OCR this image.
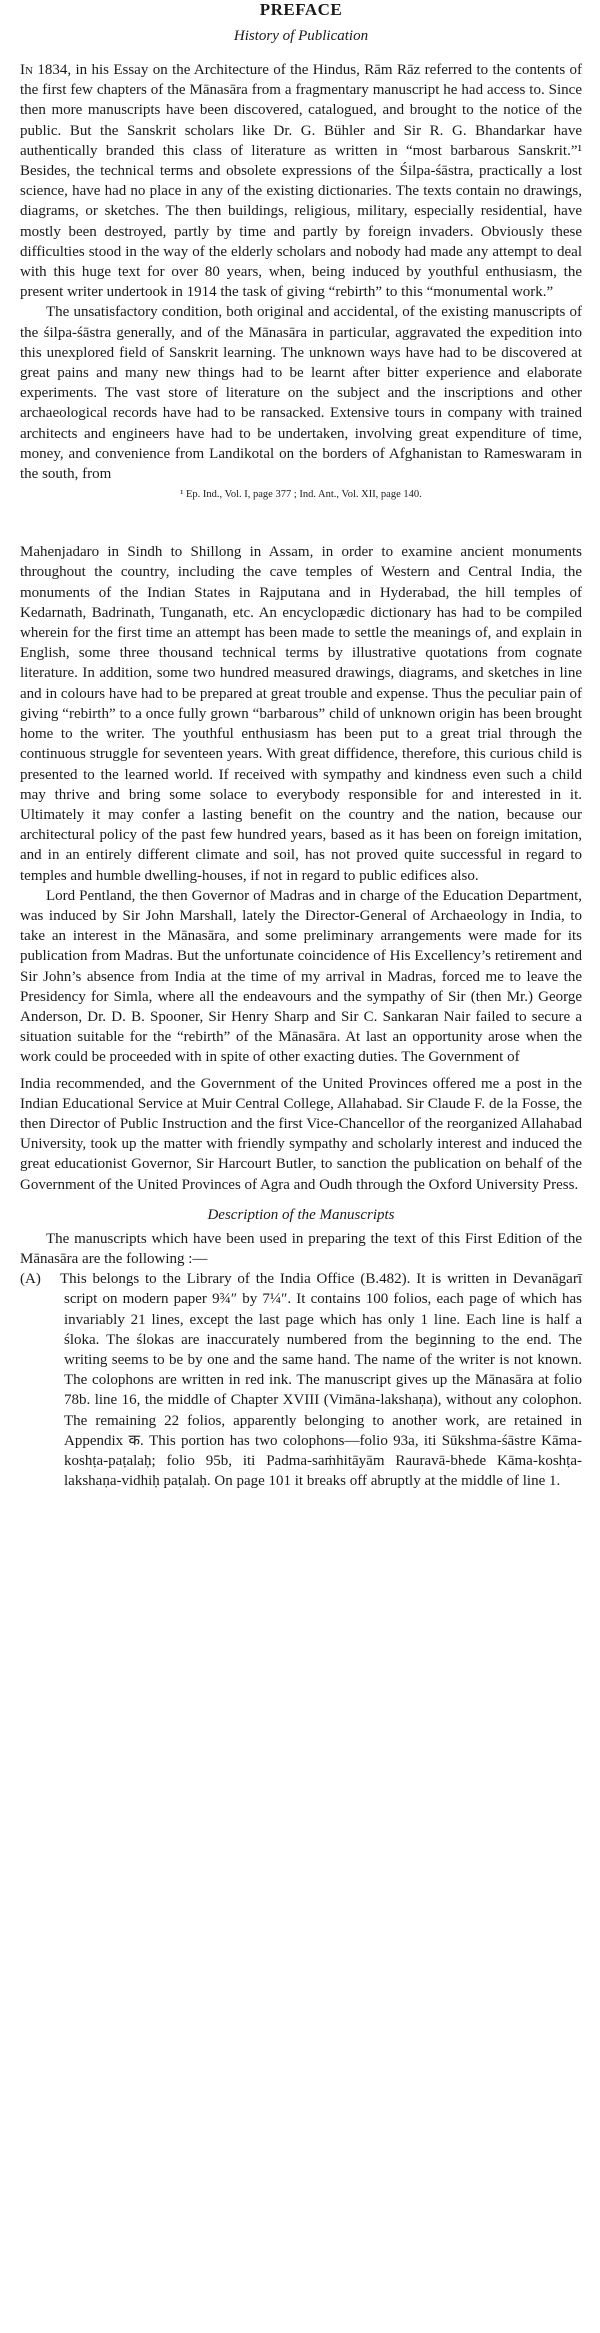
PREFACE

History of Publication

In 1834, in his Essay on the Architecture of the Hindus, Rām Rāz referred to the contents of the first few chapters of the Mānasāra from a fragmentary manuscript he had access to. Since then more manuscripts have been discovered, catalogued, and brought to the notice of the public. But the Sanskrit scholars like Dr. G. Bühler and Sir R. G. Bhandarkar have authentically branded this class of literature as written in “most barbarous Sanskrit.”¹ Besides, the technical terms and obsolete expressions of the Śilpa-śāstra, practically a lost science, have had no place in any of the existing dictionaries. The texts contain no drawings, diagrams, or sketches. The then buildings, religious, military, especially residential, have mostly been destroyed, partly by time and partly by foreign invaders. Obviously these difficulties stood in the way of the elderly scholars and nobody had made any attempt to deal with this huge text for over 80 years, when, being induced by youthful enthusiasm, the present writer undertook in 1914 the task of giving “rebirth” to this “monumental work.”

The unsatisfactory condition, both original and accidental, of the existing manuscripts of the śilpa-śāstra generally, and of the Mānasāra in particular, aggravated the expedition into this unexplored field of Sanskrit learning. The unknown ways have had to be discovered at great pains and many new things had to be learnt after bitter experience and elaborate experiments. The vast store of literature on the subject and the inscriptions and other archaeological records have had to be ransacked. Extensive tours in company with trained architects and engineers have had to be undertaken, involving great expenditure of time, money, and convenience from Landikotal on the borders of Afghanistan to Rameswaram in the south, from

¹ Ep. Ind., Vol. I, page 377 ; Ind. Ant., Vol. XII, page 140.

Mahenjadaro in Sindh to Shillong in Assam, in order to examine ancient monuments throughout the country, including the cave temples of Western and Central India, the monuments of the Indian States in Rajputana and in Hyderabad, the hill temples of Kedarnath, Badrinath, Tunganath, etc. An encyclopædic dictionary has had to be compiled wherein for the first time an attempt has been made to settle the meanings of, and explain in English, some three thousand technical terms by illustrative quotations from cognate literature. In addition, some two hundred measured drawings, diagrams, and sketches in line and in colours have had to be prepared at great trouble and expense. Thus the peculiar pain of giving “rebirth” to a once fully grown “barbarous” child of unknown origin has been brought home to the writer. The youthful enthusiasm has been put to a great trial through the continuous struggle for seventeen years. With great diffidence, therefore, this curious child is presented to the learned world. If received with sympathy and kindness even such a child may thrive and bring some solace to everybody responsible for and interested in it. Ultimately it may confer a lasting benefit on the country and the nation, because our architectural policy of the past few hundred years, based as it has been on foreign imitation, and in an entirely different climate and soil, has not proved quite successful in regard to temples and humble dwelling-houses, if not in regard to public edifices also.

Lord Pentland, the then Governor of Madras and in charge of the Education Department, was induced by Sir John Marshall, lately the Director-General of Archaeology in India, to take an interest in the Mānasāra, and some preliminary arrangements were made for its publication from Madras. But the unfortunate coincidence of His Excellency’s retirement and Sir John’s absence from India at the time of my arrival in Madras, forced me to leave the Presidency for Simla, where all the endeavours and the sympathy of Sir (then Mr.) George Anderson, Dr. D. B. Spooner, Sir Henry Sharp and Sir C. Sankaran Nair failed to secure a situation suitable for the “rebirth” of the Mānasāra. At last an opportunity arose when the work could be proceeded with in spite of other exacting duties. The Government of

India recommended, and the Government of the United Provinces offered me a post in the Indian Educational Service at Muir Central College, Allahabad. Sir Claude F. de la Fosse, the then Director of Public Instruction and the first Vice-Chancellor of the reorganized Allahabad University, took up the matter with friendly sympathy and scholarly interest and induced the great educationist Governor, Sir Harcourt Butler, to sanction the publication on behalf of the Government of the United Provinces of Agra and Oudh through the Oxford University Press.

Description of the Manuscripts

The manuscripts which have been used in preparing the text of this First Edition of the Mānasāra are the following :—

(A) This belongs to the Library of the India Office (B.482). It is written in Devanāgarī script on modern paper 9¾″ by 7¼″. It contains 100 folios, each page of which has invariably 21 lines, except the last page which has only 1 line. Each line is half a śloka. The ślokas are inaccurately numbered from the beginning to the end. The writing seems to be by one and the same hand. The name of the writer is not known. The colophons are written in red ink. The manuscript gives up the Mānasāra at folio 78b. line 16, the middle of Chapter XVIII (Vimāna-lakshaṇa), without any colophon. The remaining 22 folios, apparently belonging to another work, are retained in Appendix क. This portion has two colophons—folio 93a, iti Sūkshma-śāstre Kāma-koshṭa-paṭalaḥ; folio 95b, iti Padma-saṁhitāyām Rauravā-bhede Kāma-koshṭa-lakshaṇa-vidhiḥ paṭalaḥ. On page 101 it breaks off abruptly at the middle of line 1.
